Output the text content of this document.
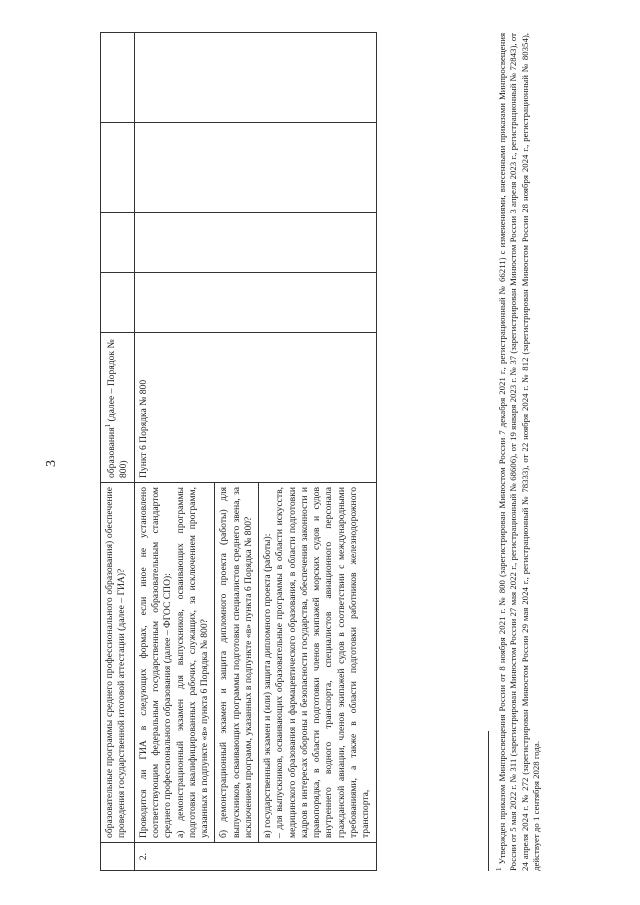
3
	образовательные программы среднего профессионального образования) обеспечение проведения государственной итоговой аттестации (далее – ГИА)?	образования$^1$ (далее – Порядок № 800)				
2.	Проводится ли ГИА в следующих формах, если иное не установлено соответствующим федеральным государственным образовательным стандартом среднего профессионального образования (далее – ФГОС СПО): а) демонстрационный экзамен для выпускников, осваивающих программы подготовки квалифицированных рабочих, служащих, за исключением программ, указанных в подпункте «в» пункта 6 Порядка № 800? б) демонстрационный экзамен и защита дипломного проекта (работы) для выпускников, осваивающих программы подготовки специалистов среднего звена, за исключением программ, указанных в подпункте «в» пункта 6 Порядка № 800? в) государственный экзамен и (или) защита дипломного проекта (работы): – для выпускников, осваивающих образовательные программы в области искусств, медицинского образования и фармацевтического образования, в области подготовки кадров в интересах обороны и безопасности государства, обеспечения законности и правопорядка, в области подготовки членов экипажей морских судов и судов внутреннего водного транспорта, специалистов авиационного персонала гражданской авиации, членов экипажей судов в соответствии с международными требованиями, а также в области подготовки работников железнодорожного транспорта,	Пункт 6 Порядка № 800				
$^1$ Утвержден приказом Минпросвещения России от 8 ноября 2021 г. № 800 (зарегистрирован Минюстом России 7 декабря 2021 г., регистрационный № 66211) с изменениями, внесенными приказами Минпросвещения России от 5 мая 2022 г. № 311 (зарегистрирован Минюстом России 27 мая 2022 г., регистрационный № 68606), от 19 января 2023 г. № 37 (зарегистрирован Минюстом России 3 апреля 2023 г., регистрационный № 72843), от 24 апреля 2024 г. № 272 (зарегистрирован Минюстом России 29 мая 2024 г., регистрационный № 78333), от 22 ноября 2024 г. № 812 (зарегистрирован Минюстом России 28 ноября 2024 г., регистрационный № 80354), действует до 1 сентября 2028 года.
